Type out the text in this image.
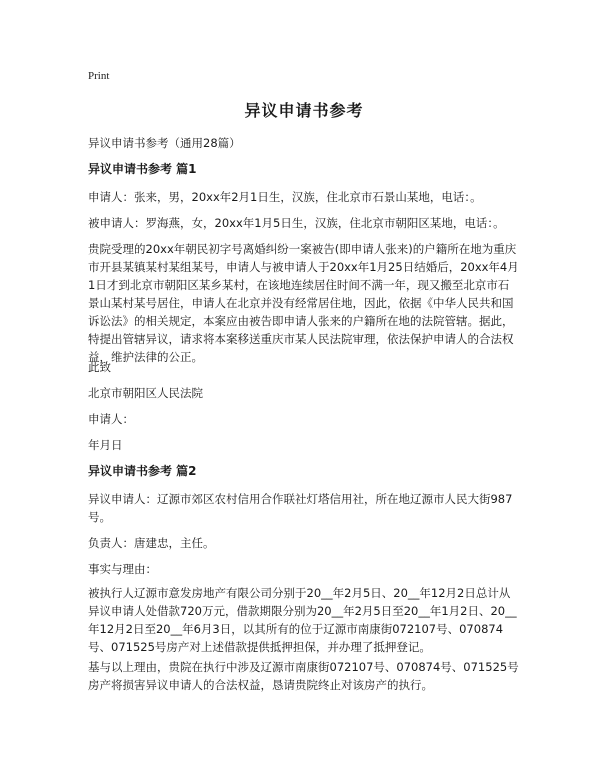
Print
异议申请书参考

异议申请书参考（通用28篇）

异议申请书参考 篇1

申请人：张来，男，20xx年2月1日生，汉族，住北京市石景山某地，电话：。

被申请人：罗海燕，女，20xx年1月5日生，汉族，住北京市朝阳区某地，电话：。

贵院受理的20xx年朝民初字号离婚纠纷一案被告(即申请人张来)的户籍所在地为重庆市开县某镇某村某组某号，申请人与被申请人于20xx年1月25日结婚后，20xx年4月1日才到北京市朝阳区某乡某村，在该地连续居住时间不满一年，现又搬至北京市石景山某村某号居住，申请人在北京并没有经常居住地，因此，依据《中华人民共和国诉讼法》的相关规定，本案应由被告即申请人张来的户籍所在地的法院管辖。据此，特提出管辖异议，请求将本案移送重庆市某人民法院审理，依法保护申请人的合法权益，维护法律的公正。

此致

北京市朝阳区人民法院

申请人：

年月日

异议申请书参考 篇2

异议申请人：辽源市郊区农村信用合作联社灯塔信用社，所在地辽源市人民大街987号。

负责人：唐建忠，主任。

事实与理由：

被执行人辽源市意发房地产有限公司分别于20__年2月5日、20__年12月2日总计从异议申请人处借款720万元，借款期限分别为20__年2月5日至20__年1月2日、20__年12月2日至20__年6月3日，以其所有的位于辽源市南康街072107号、070874号、071525号房产对上述借款提供抵押担保，并办理了抵押登记。

基与以上理由，贵院在执行中涉及辽源市南康街072107号、070874号、071525号房产将损害异议申请人的合法权益，恳请贵院终止对该房产的执行。
